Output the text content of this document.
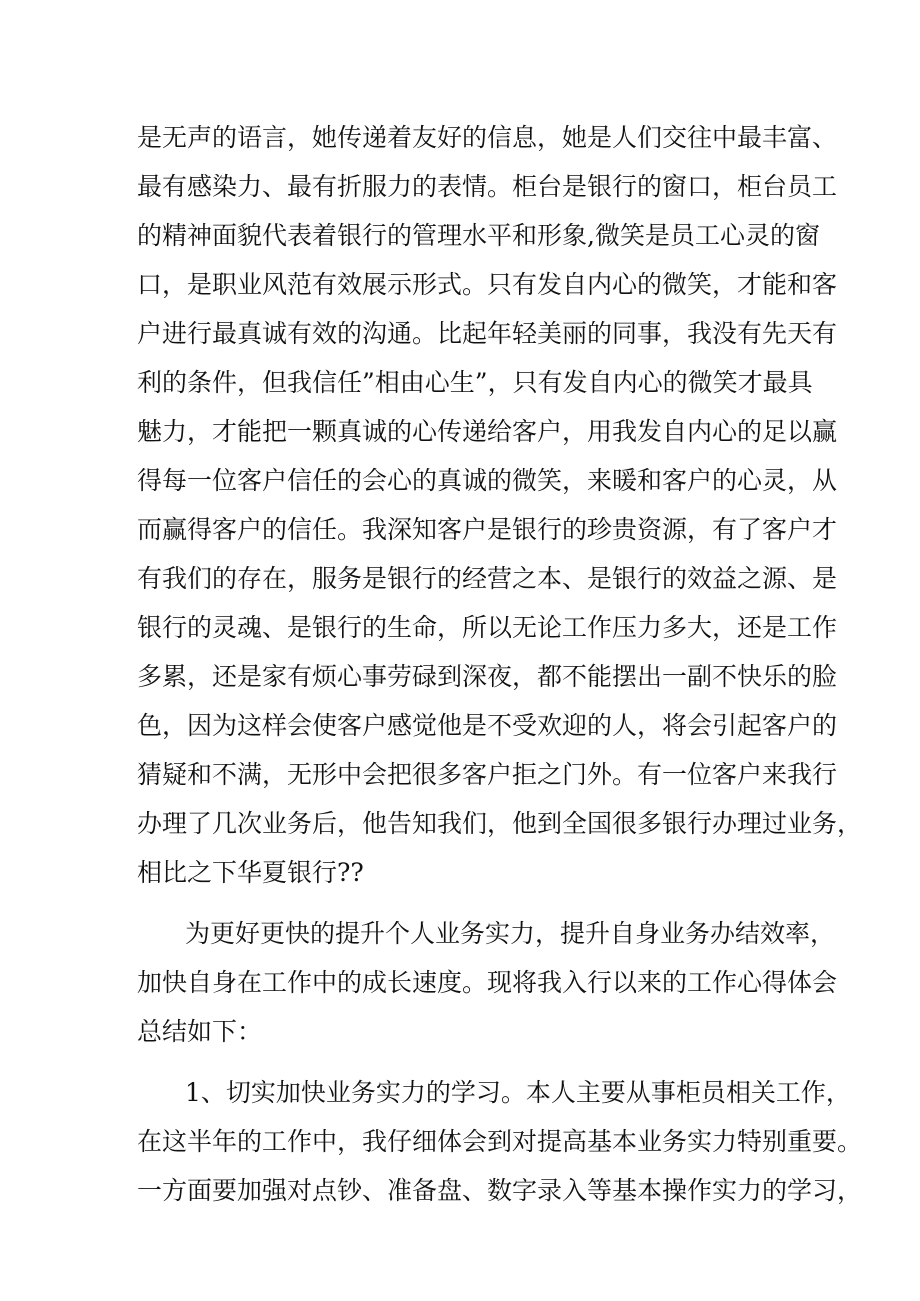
是无声的语言，她传递着友好的信息，她是人们交往中最丰富、
最有感染力、最有折服力的表情。柜台是银行的窗口，柜台员工
的精神面貌代表着银行的管理水平和形象,微笑是员工心灵的窗
口，是职业风范有效展示形式。只有发自内心的微笑，才能和客
户进行最真诚有效的沟通。比起年轻美丽的同事，我没有先天有
利的条件，但我信任”相由心生”，只有发自内心的微笑才最具
魅力，才能把一颗真诚的心传递给客户，用我发自内心的足以赢
得每一位客户信任的会心的真诚的微笑，来暖和客户的心灵，从
而赢得客户的信任。我深知客户是银行的珍贵资源，有了客户才
有我们的存在，服务是银行的经营之本、是银行的效益之源、是
银行的灵魂、是银行的生命，所以无论工作压力多大，还是工作
多累，还是家有烦心事劳碌到深夜，都不能摆出一副不快乐的脸
色，因为这样会使客户感觉他是不受欢迎的人，将会引起客户的
猜疑和不满，无形中会把很多客户拒之门外。有一位客户来我行
办理了几次业务后，他告知我们，他到全国很多银行办理过业务，
相比之下华夏银行??
为更好更快的提升个人业务实力，提升自身业务办结效率，
加快自身在工作中的成长速度。现将我入行以来的工作心得体会
总结如下：
1、切实加快业务实力的学习。本人主要从事柜员相关工作，
在这半年的工作中，我仔细体会到对提高基本业务实力特别重要。
一方面要加强对点钞、准备盘、数字录入等基本操作实力的学习，
